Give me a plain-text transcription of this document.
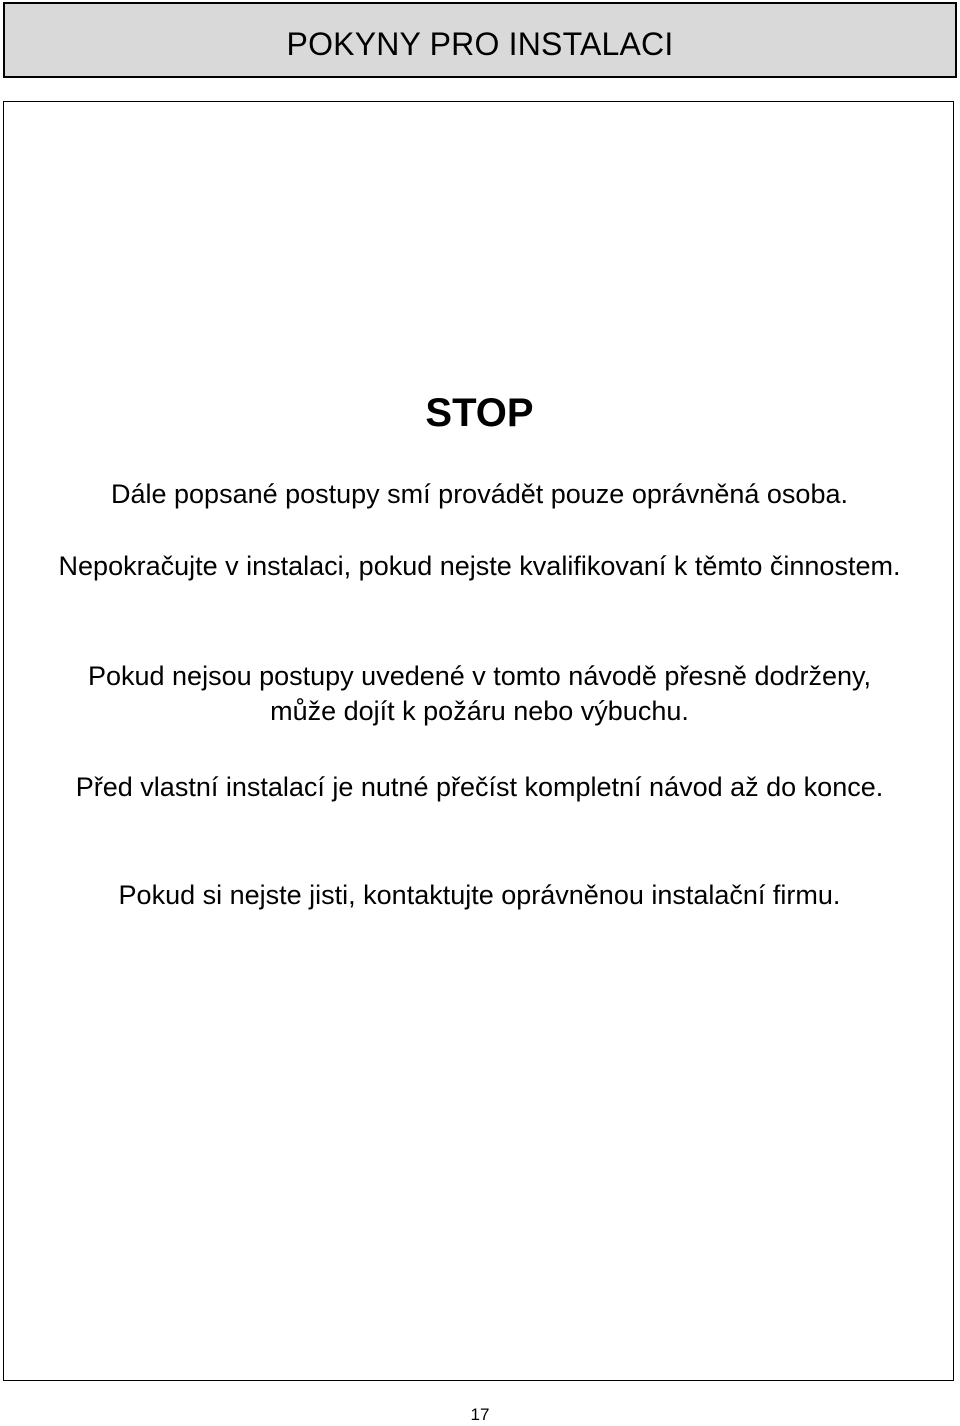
POKYNY PRO INSTALACI
STOP

Dále popsané postupy smí provádět pouze oprávněná osoba.

Nepokračujte v instalaci, pokud nejste kvalifikovaní k těmto činnostem.

Pokud nejsou postupy uvedené v tomto návodě přesně dodrženy, může dojít k požáru nebo výbuchu.

Před vlastní instalací je nutné přečíst kompletní návod až do konce.

Pokud si nejste jisti, kontaktujte oprávněnou instalační firmu.

17
